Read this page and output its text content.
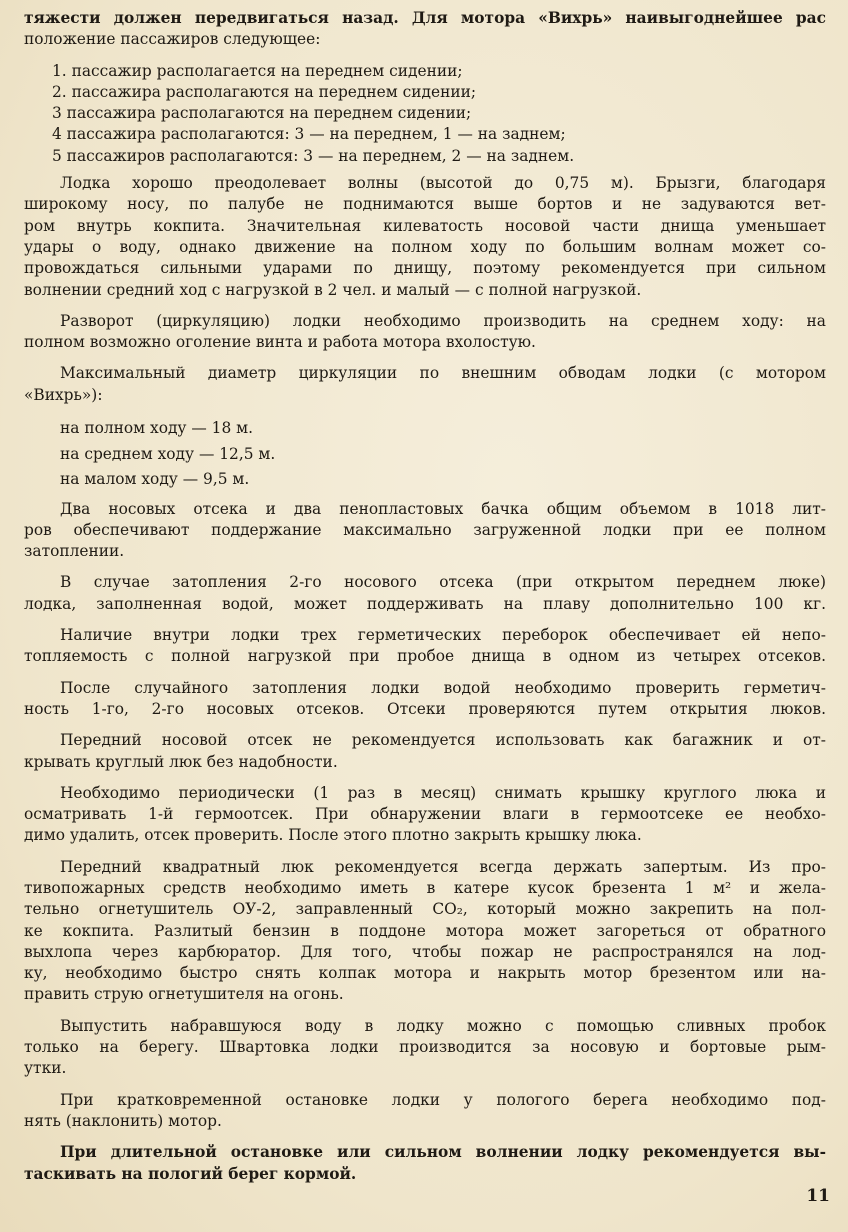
тяжести должен передвигаться назад. Для мотора «Вихрь» наивыгоднейшее рас
положение пассажиров следующее:
1. пассажир располагается на переднем сидении;
2. пассажира располагаются на переднем сидении;
3 пассажира располагаются на переднем сидении;
4 пассажира располагаются: 3 — на переднем, 1 — на заднем;
5 пассажиров располагаются: 3 — на переднем, 2 — на заднем.
Лодка хорошо преодолевает волны (высотой до 0,75 м). Брызги, благодаря
широкому носу, по палубе не поднимаются выше бортов и не задуваются вет-
ром внутрь кокпита. Значительная килеватость носовой части днища уменьшает
удары о воду, однако движение на полном ходу по большим волнам может со-
провождаться сильными ударами по днищу, поэтому рекомендуется при сильном
волнении средний ход с нагрузкой в 2 чел. и малый — с полной нагрузкой.
Разворот (циркуляцию) лодки необходимо производить на среднем ходу: на
полном возможно оголение винта и работа мотора вхолостую.
Максимальный диаметр циркуляции по внешним обводам лодки (с мотором
«Вихрь»):
на полном ходу — 18 м.
на среднем ходу — 12,5 м.
на малом ходу — 9,5 м.
Два носовых отсека и два пенопластовых бачка общим объемом в 1018 лит-
ров обеспечивают поддержание максимально загруженной лодки при ее полном
затоплении.
В случае затопления 2-го носового отсека (при открытом переднем люке)
лодка, заполненная водой, может поддерживать на плаву дополнительно 100 кг.
Наличие внутри лодки трех герметических переборок обеспечивает ей непо-
топляемость с полной нагрузкой при пробое днища в одном из четырех отсеков.
После случайного затопления лодки водой необходимо проверить герметич-
ность 1-го, 2-го носовых отсеков. Отсеки проверяются путем открытия люков.
Передний носовой отсек не рекомендуется использовать как багажник и от-
крывать круглый люк без надобности.
Необходимо периодически (1 раз в месяц) снимать крышку круглого люка и
осматривать 1-й гермоотсек. При обнаружении влаги в гермоотсеке ее необхо-
димо удалить, отсек проверить. После этого плотно закрыть крышку люка.
Передний квадратный люк рекомендуется всегда держать запертым. Из про-
тивопожарных средств необходимо иметь в катере кусок брезента 1 м² и жела-
тельно огнетушитель ОУ-2, заправленный CO₂, который можно закрепить на пол-
ке кокпита. Разлитый бензин в поддоне мотора может загореться от обратного
выхлопа через карбюратор. Для того, чтобы пожар не распространялся на лод-
ку, необходимо быстро снять колпак мотора и накрыть мотор брезентом или на-
править струю огнетушителя на огонь.
Выпустить набравшуюся воду в лодку можно с помощью сливных пробок
только на берегу. Швартовка лодки производится за носовую и бортовые рым-
утки.
При кратковременной остановке лодки у пологого берега необходимо под-
нять (наклонить) мотор.
При длительной остановке или сильном волнении лодку рекомендуется вы-
таскивать на пологий берег кормой.
11
